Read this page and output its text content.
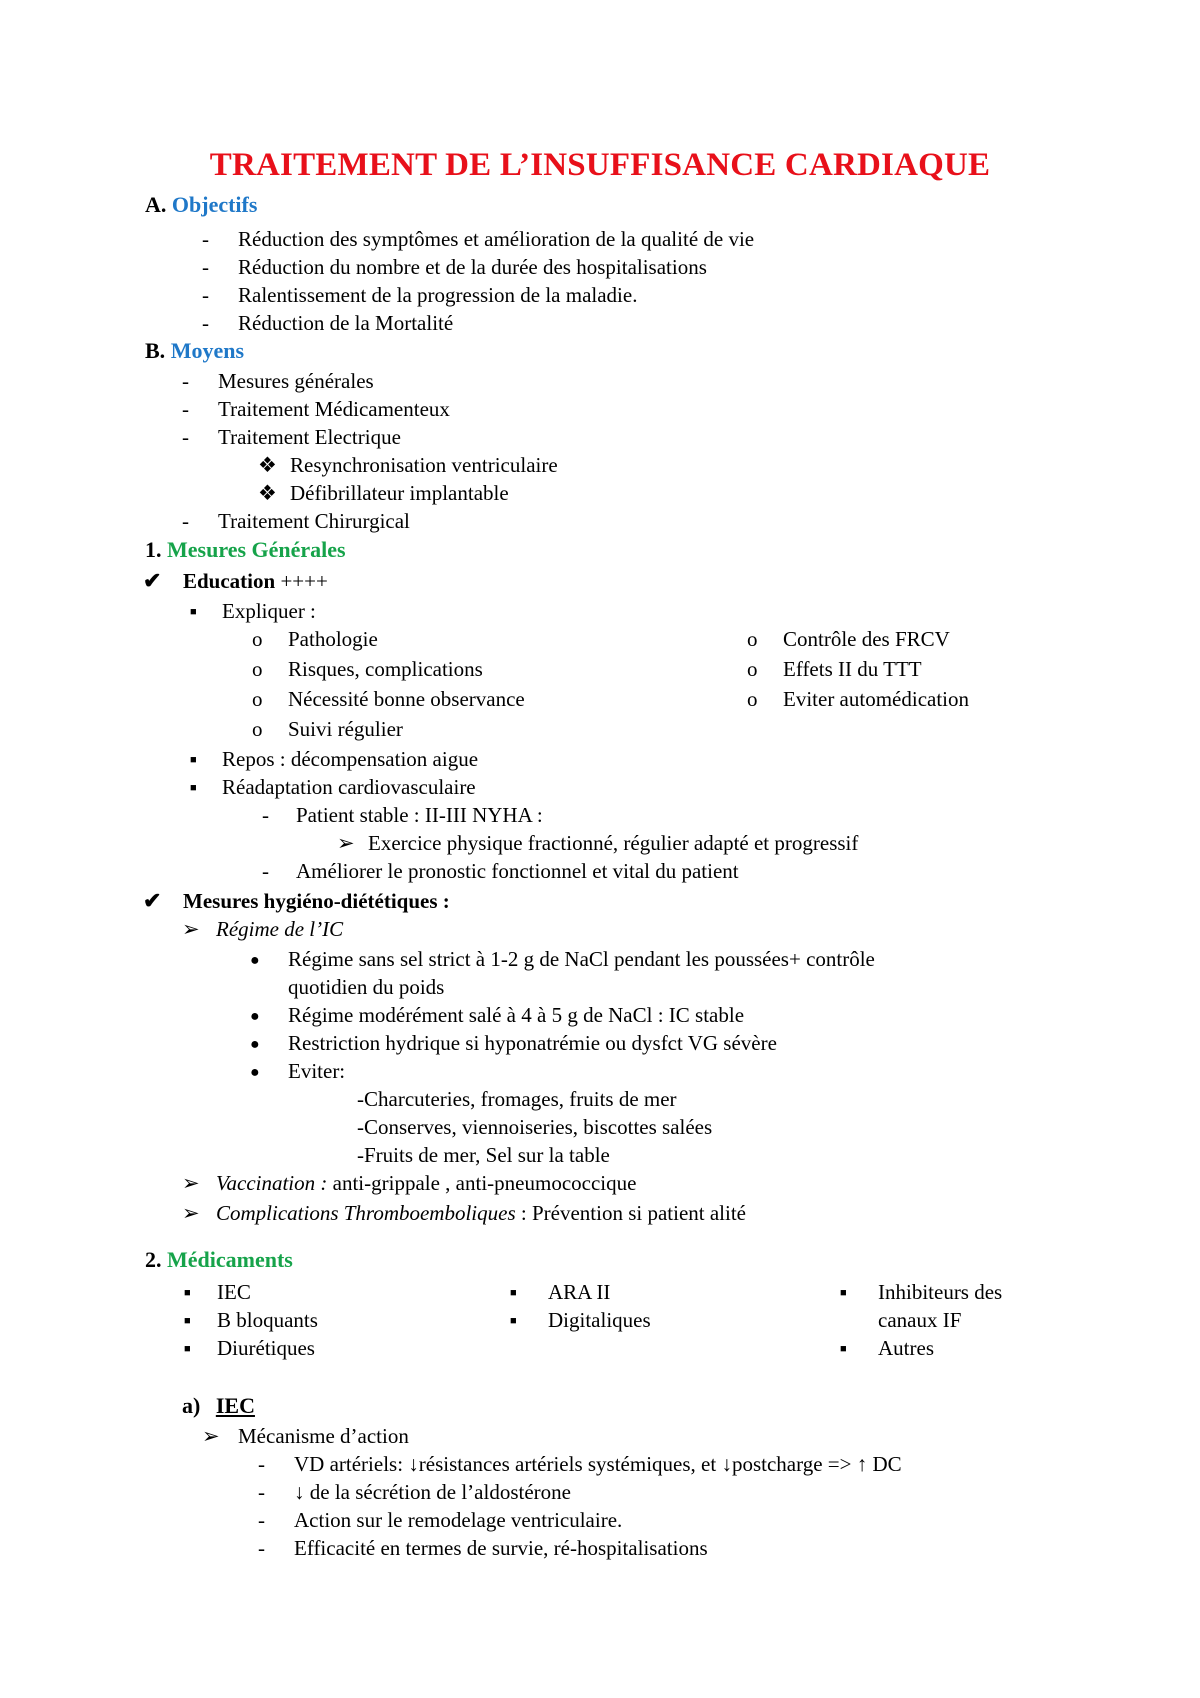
TRAITEMENT DE L’INSUFFISANCE CARDIAQUE
A. Objectifs
- Réduction des symptômes et amélioration de la qualité de vie
- Réduction du nombre et de la durée des hospitalisations
- Ralentissement de la progression de la maladie.
- Réduction de la Mortalité
B. Moyens
- Mesures générales
- Traitement Médicamenteux
- Traitement Electrique
❖ Resynchronisation ventriculaire
❖ Défibrillateur implantable
- Traitement Chirurgical
1. Mesures Générales
✔ Education ++++
■ Expliquer :
o Pathologie
o Risques, complications
o Nécessité bonne observance
o Suivi régulier
o Contrôle des FRCV
o Effets II du TTT
o Eviter automédication
■ Repos : décompensation aigue
■ Réadaptation cardiovasculaire
- Patient stable : II-III NYHA :
➢ Exercice physique fractionné, régulier adapté et progressif
- Améliorer le pronostic fonctionnel et vital du patient
✔ Mesures hygiéno-diététiques :
➢ Régime de l’IC
● Régime sans sel strict à 1-2 g de NaCl pendant les poussées+ contrôle
quotidien du poids
● Régime modérément salé à 4 à 5 g de NaCl : IC stable
● Restriction hydrique si hyponatrémie ou dysfct VG sévère
● Eviter:
-Charcuteries, fromages, fruits de mer
-Conserves, viennoiseries, biscottes salées
-Fruits de mer, Sel sur la table
➢ Vaccination : anti-grippale , anti-pneumococcique
➢ Complications Thromboemboliques : Prévention si patient alité
2. Médicaments
■ IEC
■ B bloquants
■ Diurétiques
■ ARA II
■ Digitaliques
■ Inhibiteurs des
canaux IF
■ Autres
a) IEC
➢ Mécanisme d’action
- VD artériels: ↓résistances artériels systémiques, et ↓postcharge => ↑ DC
- ↓ de la sécrétion de l’aldostérone
- Action sur le remodelage ventriculaire.
- Efficacité en termes de survie, ré-hospitalisations
